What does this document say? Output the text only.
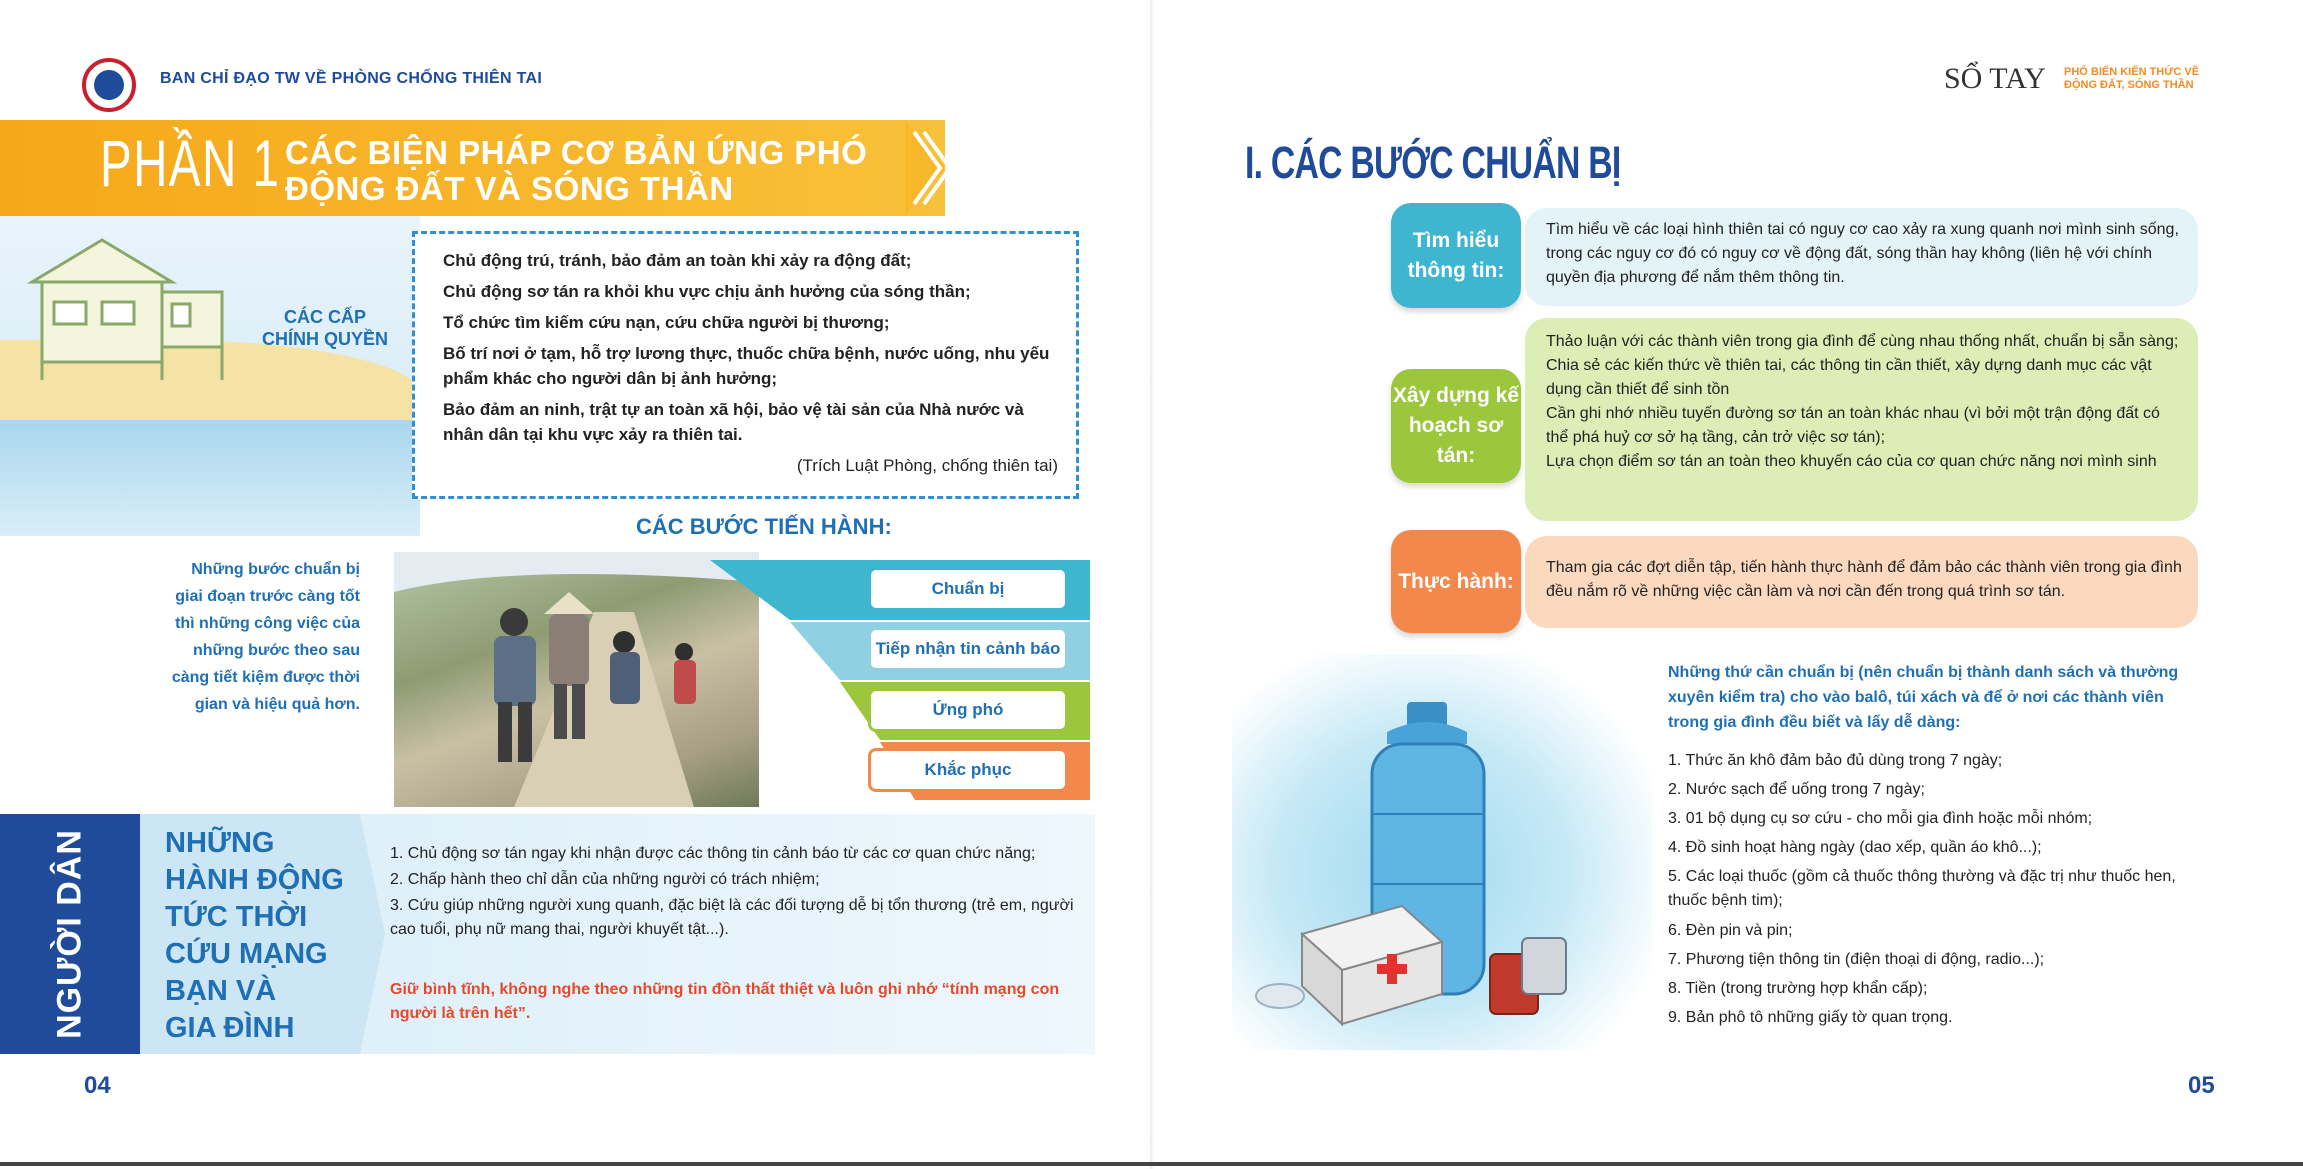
BAN CHỈ ĐẠO TW VỀ PHÒNG CHỐNG THIÊN TAI
PHẦN 1 CÁC BIỆN PHÁP CƠ BẢN ỨNG PHÓ
ĐỘNG ĐẤT VÀ SÓNG THẦN
CÁC CẤP
CHÍNH QUYỀN

Chủ động trú, tránh, bảo đảm an toàn khi xảy ra động đất;

Chủ động sơ tán ra khỏi khu vực chịu ảnh hưởng của sóng thần;

Tổ chức tìm kiếm cứu nạn, cứu chữa người bị thương;

Bố trí nơi ở tạm, hỗ trợ lương thực, thuốc chữa bệnh, nước uống, nhu yếu phẩm khác cho người dân bị ảnh hưởng;

Bảo đảm an ninh, trật tự an toàn xã hội, bảo vệ tài sản của Nhà nước và nhân dân tại khu vực xảy ra thiên tai.

(Trích Luật Phòng, chống thiên tai)

CÁC BƯỚC TIẾN HÀNH:
Những bước chuẩn bị giai đoạn trước càng tốt thì những công việc của những bước theo sau càng tiết kiệm được thời gian và hiệu quả hơn.
Chuẩn bị
Tiếp nhận tin cảnh báo
Ứng phó
Khắc phục
NGƯỜI DÂN	NHỮNG
HÀNH ĐỘNG
TỨC THỜI
CỨU MẠNG
BẠN VÀ
GIA ĐÌNH
1. Chủ động sơ tán ngay khi nhận được các thông tin cảnh báo từ các cơ quan chức năng;
2. Chấp hành theo chỉ dẫn của những người có trách nhiệm;
3. Cứu giúp những người xung quanh, đặc biệt là các đối tượng dễ bị tổn thương (trẻ em, người cao tuổi, phụ nữ mang thai, người khuyết tật...).
Giữ bình tĩnh, không nghe theo những tin đồn thất thiệt và luôn ghi nhớ “tính mạng con người là trên hết”.
04
SỔ TAY PHỔ BIẾN KIẾN THỨC VỀ
ĐỘNG ĐẤT, SÓNG THẦN
I. CÁC BƯỚC CHUẨN BỊ
Tìm hiểu thông tin:
Tìm hiểu về các loại hình thiên tai có nguy cơ cao xảy ra xung quanh nơi mình sinh sống, trong các nguy cơ đó có nguy cơ về động đất, sóng thần hay không (liên hệ với chính quyền địa phương để nắm thêm thông tin.
Xây dựng kế hoạch sơ tán:
Thảo luận với các thành viên trong gia đình để cùng nhau thống nhất, chuẩn bị sẵn sàng;
Chia sẻ các kiến thức về thiên tai, các thông tin cần thiết, xây dựng danh mục các vật dụng cần thiết để sinh tồn
Cần ghi nhớ nhiều tuyến đường sơ tán an toàn khác nhau (vì bởi một trận động đất có thể phá huỷ cơ sở hạ tầng, cản trở việc sơ tán);
Lựa chọn điểm sơ tán an toàn theo khuyến cáo của cơ quan chức năng nơi mình sinh
Thực hành:
Tham gia các đợt diễn tập, tiến hành thực hành để đảm bảo các thành viên trong gia đình đều nắm rõ về những việc cần làm và nơi cần đến trong quá trình sơ tán.
Những thứ cần chuẩn bị (nên chuẩn bị thành danh sách và thường xuyên kiểm tra) cho vào balô, túi xách và để ở nơi các thành viên trong gia đình đều biết và lấy dễ dàng:
1. Thức ăn khô đảm bảo đủ dùng trong 7 ngày;
2. Nước sạch để uống trong 7 ngày;
3. 01 bộ dụng cụ sơ cứu - cho mỗi gia đình hoặc mỗi nhóm;
4. Đồ sinh hoạt hàng ngày (dao xếp, quần áo khô...);
5. Các loại thuốc (gồm cả thuốc thông thường và đặc trị như thuốc hen, thuốc bệnh tim);
6. Đèn pin và pin;
7. Phương tiện thông tin (điện thoại di động, radio...);
8. Tiền (trong trường hợp khẩn cấp);
9. Bản phô tô những giấy tờ quan trọng.
05
